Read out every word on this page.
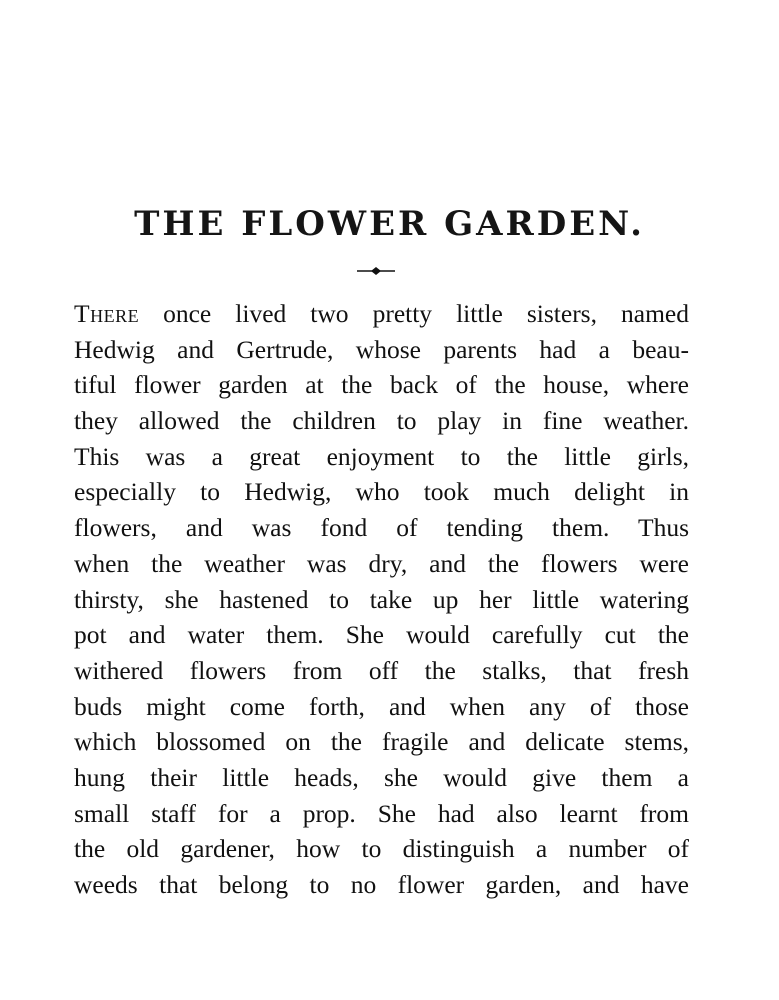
THE FLOWER GARDEN.
There once lived two pretty little sisters, named
Hedwig and Gertrude, whose parents had a beau-
tiful flower garden at the back of the house, where
they allowed the children to play in fine weather.
This was a great enjoyment to the little girls,
especially to Hedwig, who took much delight in
flowers, and was fond of tending them. Thus
when the weather was dry, and the flowers were
thirsty, she hastened to take up her little watering
pot and water them. She would carefully cut the
withered flowers from off the stalks, that fresh
buds might come forth, and when any of those
which blossomed on the fragile and delicate stems,
hung their little heads, she would give them a
small staff for a prop. She had also learnt from
the old gardener, how to distinguish a number of
weeds that belong to no flower garden, and have
